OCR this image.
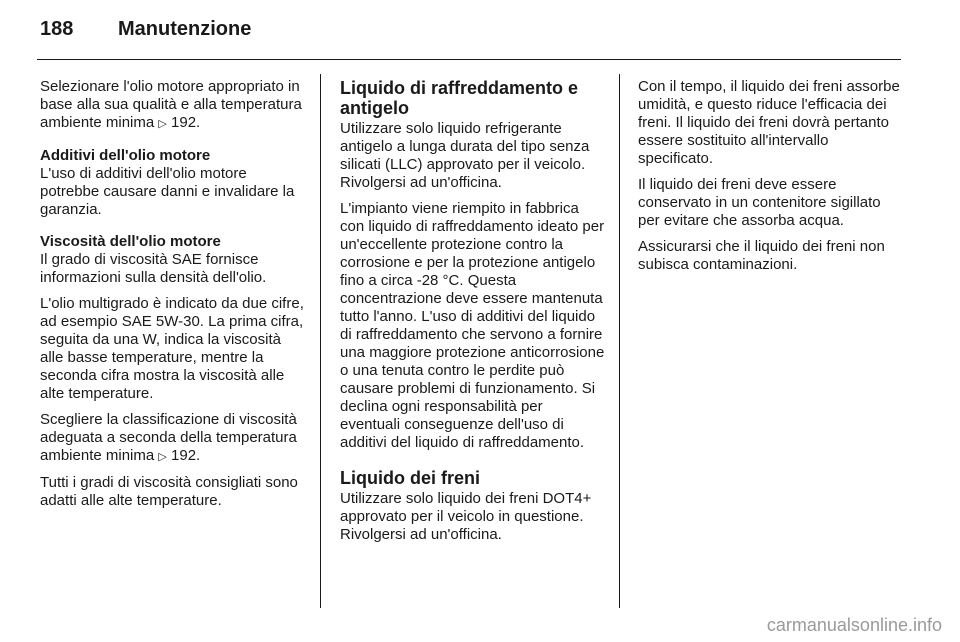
188 Manutenzione

Selezionare l'olio motore appropriato in base alla sua qualità e alla temperatura ambiente minima ▷ 192.

Additivi dell'olio motore

L'uso di additivi dell'olio motore potrebbe causare danni e invalidare la garanzia.

Viscosità dell'olio motore

Il grado di viscosità SAE fornisce informazioni sulla densità dell'olio.

L'olio multigrado è indicato da due cifre, ad esempio SAE 5W-30. La prima cifra, seguita da una W, indica la viscosità alle basse temperature, mentre la seconda cifra mostra la viscosità alle alte temperature.

Scegliere la classificazione di viscosità adeguata a seconda della temperatura ambiente minima ▷ 192.

Tutti i gradi di viscosità consigliati sono adatti alle alte temperature.

Liquido di raffreddamento e antigelo

Utilizzare solo liquido refrigerante antigelo a lunga durata del tipo senza silicati (LLC) approvato per il veicolo. Rivolgersi ad un'officina.

L'impianto viene riempito in fabbrica con liquido di raffreddamento ideato per un'eccellente protezione contro la corrosione e per la protezione antigelo fino a circa -28 °C. Questa concentrazione deve essere mantenuta tutto l'anno. L'uso di additivi del liquido di raffreddamento che servono a fornire una maggiore protezione anticorrosione o una tenuta contro le perdite può causare problemi di funzionamento. Si declina ogni responsabilità per eventuali conseguenze dell'uso di additivi del liquido di raffreddamento.

Liquido dei freni

Utilizzare solo liquido dei freni DOT4+ approvato per il veicolo in questione. Rivolgersi ad un'officina.

Con il tempo, il liquido dei freni assorbe umidità, e questo riduce l'efficacia dei freni. Il liquido dei freni dovrà pertanto essere sostituito all'intervallo specificato.

Il liquido dei freni deve essere conservato in un contenitore sigillato per evitare che assorba acqua.

Assicurarsi che il liquido dei freni non subisca contaminazioni.

carmanualsonline.info
